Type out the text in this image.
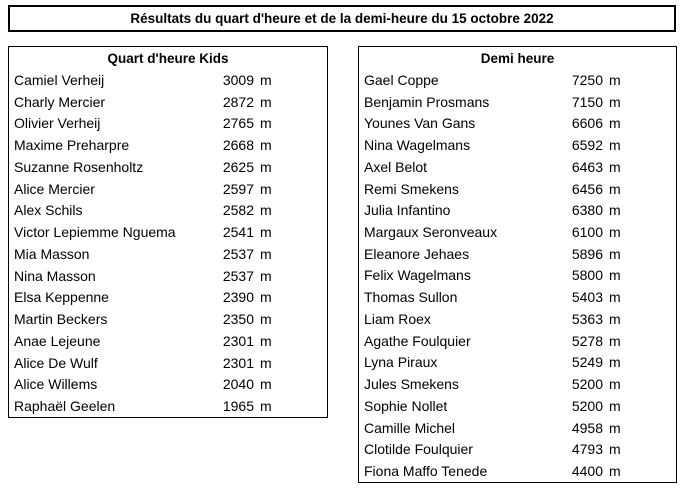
Résultats du quart d'heure et de la demi-heure du 15 octobre 2022
Quart d'heure Kids
Camiel Verheij	3009 m
Charly Mercier	2872 m
Olivier Verheij	2765 m
Maxime Preharpre	2668 m
Suzanne Rosenholtz	2625 m
Alice Mercier	2597 m
Alex Schils	2582 m
Victor Lepiemme Nguema	2541 m
Mia Masson	2537 m
Nina Masson	2537 m
Elsa Keppenne	2390 m
Martin Beckers	2350 m
Anae Lejeune	2301 m
Alice De Wulf	2301 m
Alice Willems	2040 m
Raphaël Geelen	1965 m
Demi heure
Gael Coppe	7250 m
Benjamin Prosmans	7150 m
Younes Van Gans	6606 m
Nina Wagelmans	6592 m
Axel Belot	6463 m
Remi Smekens	6456 m
Julia Infantino	6380 m
Margaux Seronveaux	6100 m
Eleanore Jehaes	5896 m
Felix Wagelmans	5800 m
Thomas Sullon	5403 m
Liam Roex	5363 m
Agathe Foulquier	5278 m
Lyna Piraux	5249 m
Jules Smekens	5200 m
Sophie Nollet	5200 m
Camille Michel	4958 m
Clotilde Foulquier	4793 m
Fiona Maffo Tenede	4400 m
